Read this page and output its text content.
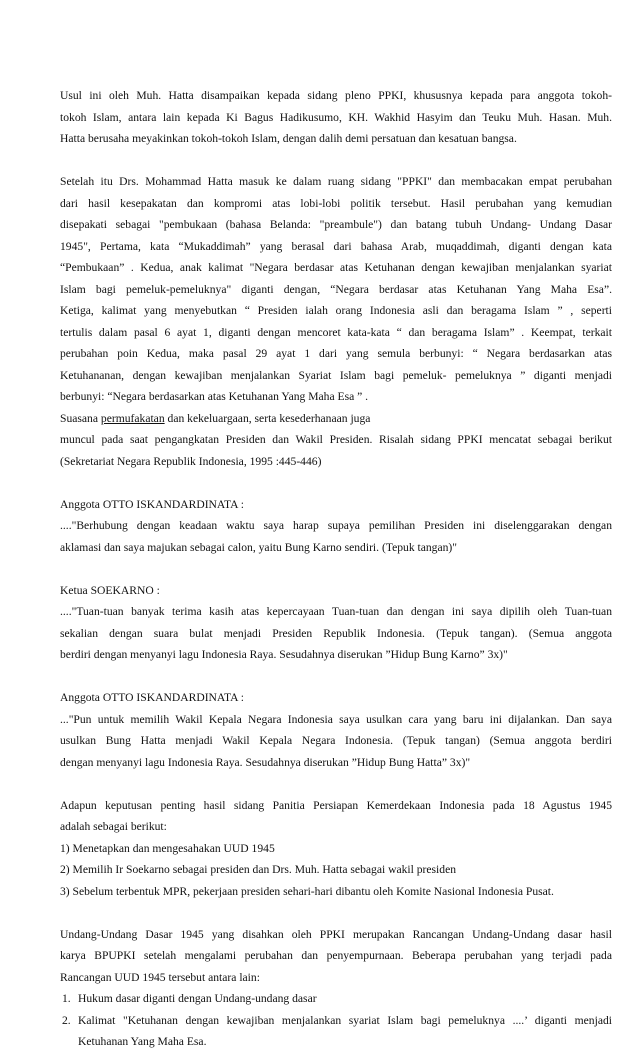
Usul ini oleh Muh. Hatta disampaikan kepada sidang pleno PPKI, khususnya kepada para anggota tokoh-
tokoh Islam, antara lain kepada Ki Bagus Hadikusumo, KH. Wakhid Hasyim dan Teuku Muh. Hasan. Muh.
Hatta berusaha meyakinkan tokoh-tokoh Islam, dengan dalih demi persatuan dan kesatuan bangsa.
Setelah itu Drs. Mohammad Hatta masuk ke dalam ruang sidang "PPKI" dan membacakan empat perubahan
dari hasil kesepakatan dan kompromi atas lobi-lobi politik tersebut. Hasil perubahan yang kemudian
disepakati sebagai "pembukaan (bahasa Belanda: "preambule") dan batang tubuh Undang- Undang Dasar
1945", Pertama, kata “Mukaddimah” yang berasal dari bahasa Arab, muqaddimah, diganti dengan kata
“Pembukaan” . Kedua, anak kalimat "Negara berdasar atas Ketuhanan dengan kewajiban menjalankan syariat
Islam bagi pemeluk-pemeluknya" diganti dengan, “Negara berdasar atas Ketuhanan Yang Maha Esa”.
Ketiga, kalimat yang menyebutkan “ Presiden ialah orang Indonesia asli dan beragama Islam ” , seperti
tertulis dalam pasal 6 ayat 1, diganti dengan mencoret kata-kata “ dan beragama Islam” . Keempat, terkait
perubahan poin Kedua, maka pasal 29 ayat 1 dari yang semula berbunyi: “ Negara berdasarkan atas
Ketuhananan, dengan kewajiban menjalankan Syariat Islam bagi pemeluk- pemeluknya ” diganti menjadi
berbunyi: “Negara berdasarkan atas Ketuhanan Yang Maha Esa ” .
Suasana permufakatan dan kekeluargaan, serta kesederhanaan juga
muncul pada saat pengangkatan Presiden dan Wakil Presiden. Risalah sidang PPKI mencatat sebagai berikut
(Sekretariat Negara Republik Indonesia, 1995 :445-446)
Anggota OTTO ISKANDARDINATA :
...."Berhubung dengan keadaan waktu saya harap supaya pemilihan Presiden ini diselenggarakan dengan
aklamasi dan saya majukan sebagai calon, yaitu Bung Karno sendiri. (Tepuk tangan)"
Ketua SOEKARNO :
...."Tuan-tuan banyak terima kasih atas kepercayaan Tuan-tuan dan dengan ini saya dipilih oleh Tuan-tuan
sekalian dengan suara bulat menjadi Presiden Republik Indonesia. (Tepuk tangan). (Semua anggota
berdiri dengan menyanyi lagu Indonesia Raya. Sesudahnya diserukan ”Hidup Bung Karno” 3x)"
Anggota OTTO ISKANDARDINATA :
..."Pun untuk memilih Wakil Kepala Negara Indonesia saya usulkan cara yang baru ini dijalankan. Dan saya
usulkan Bung Hatta menjadi Wakil Kepala Negara Indonesia. (Tepuk tangan) (Semua anggota berdiri
dengan menyanyi lagu Indonesia Raya. Sesudahnya diserukan ”Hidup Bung Hatta” 3x)"
Adapun keputusan penting hasil sidang Panitia Persiapan Kemerdekaan Indonesia pada 18 Agustus 1945
adalah sebagai berikut:
1) Menetapkan dan mengesahakan UUD 1945
2) Memilih Ir Soekarno sebagai presiden dan Drs. Muh. Hatta sebagai wakil presiden
3) Sebelum terbentuk MPR, pekerjaan presiden sehari-hari dibantu oleh Komite Nasional Indonesia Pusat.
Undang-Undang Dasar 1945 yang disahkan oleh PPKI merupakan Rancangan Undang-Undang dasar hasil
karya BPUPKI setelah mengalami perubahan dan penyempurnaan. Beberapa perubahan yang terjadi pada
Rancangan UUD 1945 tersebut antara lain:
1. Hukum dasar diganti dengan Undang-undang dasar
2. Kalimat "Ketuhanan dengan kewajiban menjalankan syariat Islam bagi pemeluknya ....’ diganti menjadi
Ketuhanan Yang Maha Esa.
